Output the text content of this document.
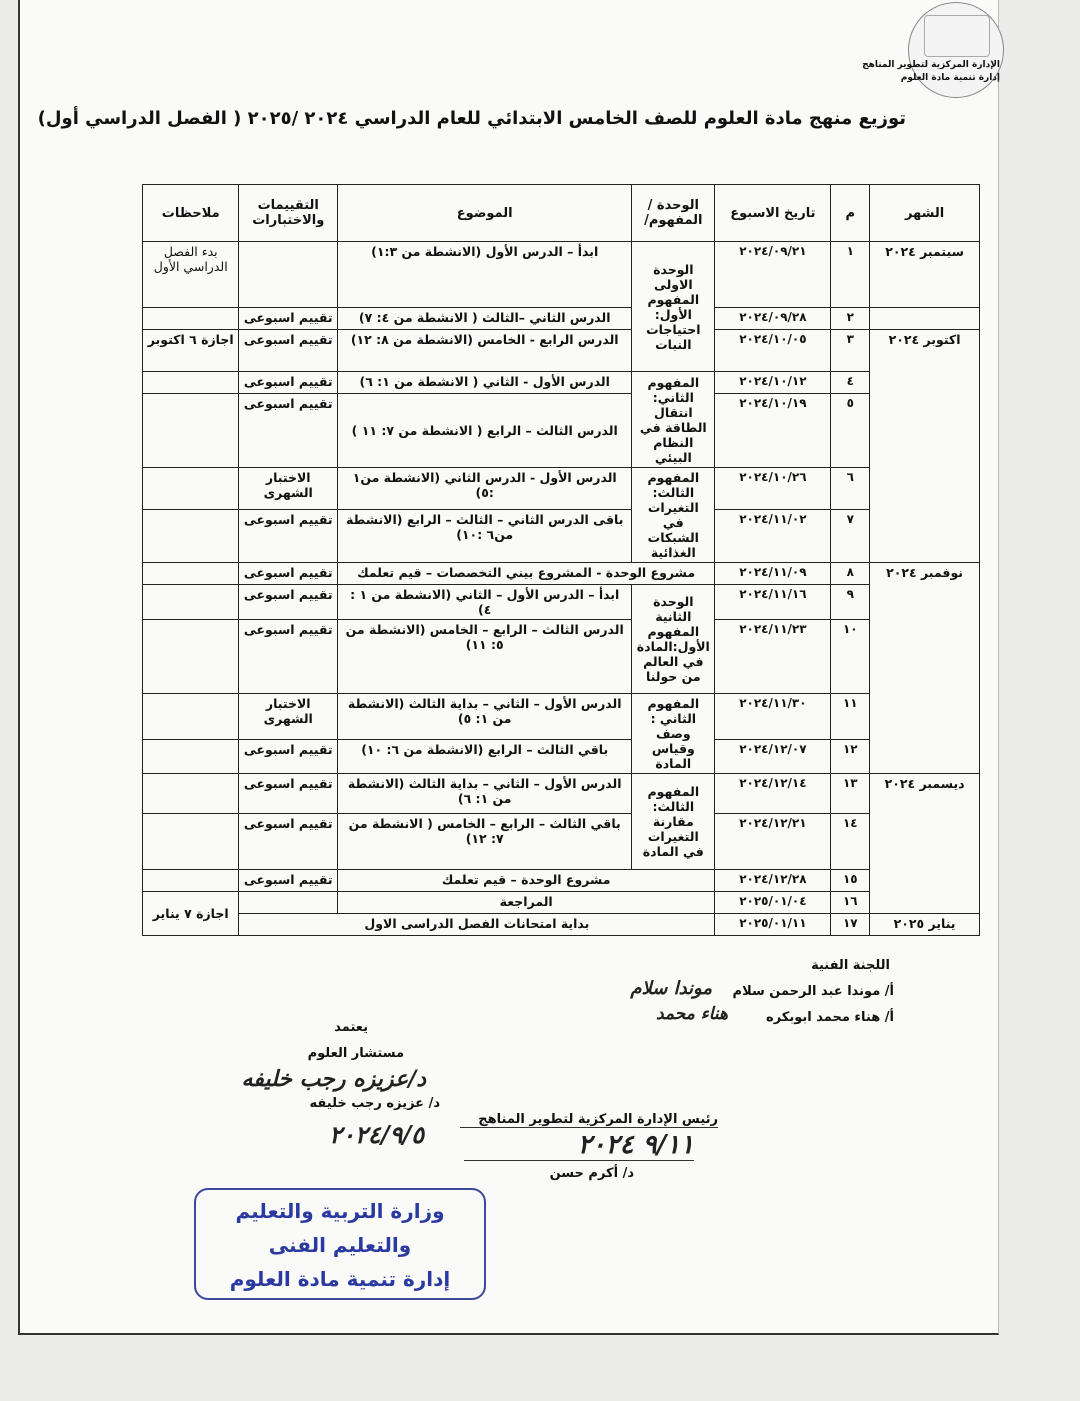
الإدارة المركزية لتطوير المناهج
إدارة تنمية مادة العلوم
توزيع منهج مادة العلوم للصف الخامس الابتدائي للعام الدراسي ٢٠٢٤ /٢٠٢٥ ( الفصل الدراسي أول)
الشهر	م	تاريخ الاسبوع	الوحدة /المفهوم/	الموضوع	التقييمات والاختبارات	ملاحظات
سبتمبر ٢٠٢٤	١	٢٠٢٤/٠٩/٢١	الوحدة الاولى المفهوم الأول: احتياجات النبات	ابدأ – الدرس الأول (الانشطة من ١:٣)		بدء الفصل الدراسي الأول
	٢	٢٠٢٤/٠٩/٢٨		الدرس الثاني –الثالث ( الانشطة من ٤: ٧)	تقييم اسبوعى	
اكتوبر ٢٠٢٤	٣	٢٠٢٤/١٠/٠٥		الدرس الرابع - الخامس (الانشطة من ٨: ١٢)	تقييم اسبوعى	اجازة ٦ اكتوبر
	٤	٢٠٢٤/١٠/١٢	المفهوم الثاني: انتقال الطاقة في النظام البيئي	الدرس الأول - الثاني ( الانشطة من ١: ٦)	تقييم اسبوعى	
	٥	٢٠٢٤/١٠/١٩		الدرس الثالث – الرابع ( الانشطة من ٧: ١١ )	تقييم اسبوعى	
	٦	٢٠٢٤/١٠/٢٦	المفهوم الثالث: التغيرات في الشبكات الغذائية	الدرس الأول - الدرس الثاني (الانشطة من١ :٥)	الاختبار الشهرى	
	٧	٢٠٢٤/١١/٠٢		باقى الدرس الثاني – الثالث – الرابع (الانشطة من٦ :١٠)	تقييم اسبوعى	
نوفمبر ٢٠٢٤	٨	٢٠٢٤/١١/٠٩	مشروع الوحدة - المشروع بيني التخصصات – قيم تعلمك		تقييم اسبوعى	
	٩	٢٠٢٤/١١/١٦	الوحدة الثانية المفهوم الأول:المادة في العالم من حولنا	ابدأ – الدرس الأول – الثاني (الانشطة من ١ : ٤)	تقييم اسبوعى	
	١٠	٢٠٢٤/١١/٢٣		الدرس الثالث – الرابع – الخامس (الانشطة من ٥: ١١)	تقييم اسبوعى	
	١١	٢٠٢٤/١١/٣٠	المفهوم الثاني : وصف وقياس المادة	الدرس الأول – الثاني – بداية الثالث (الانشطة من ١: ٥)	الاختبار الشهرى	
	١٢	٢٠٢٤/١٢/٠٧		باقي الثالث – الرابع (الانشطة من ٦: ١٠)	تقييم اسبوعى	
ديسمبر ٢٠٢٤	١٣	٢٠٢٤/١٢/١٤	المفهوم الثالث: مقارنة التغيرات في المادة	الدرس الأول – الثاني – بداية الثالث (الانشطة من ١: ٦)	تقييم اسبوعى	
	١٤	٢٠٢٤/١٢/٢١		باقي الثالث – الرابع – الخامس ( الانشطة من ٧: ١٢)	تقييم اسبوعى	
	١٥	٢٠٢٤/١٢/٢٨	مشروع الوحدة – قيم تعلمك		تقييم اسبوعى	
	١٦	٢٠٢٥/٠١/٠٤	المراجعة			اجازة ٧ يناير
يناير ٢٠٢٥	١٧	٢٠٢٥/٠١/١١	بداية امتحانات الفصل الدراسى الاول			
اللجنة الفنية
أ/ موندا عبد الرحمن سلام
موندا سلام
أ/ هناء محمد ابوبكره
هناء محمد
يعتمد
مستشار العلوم
د/عزيزه رجب خليفه
د/ عزيزه رجب خليفه
٢٠٢٤/٩/٥
رئيس الإدارة المركزية لتطوير المناهج
٩/١١ ٢٠٢٤
د/ أكرم حسن
وزارة التربية والتعليم
والتعليم الفنى
إدارة تنمية مادة العلوم
